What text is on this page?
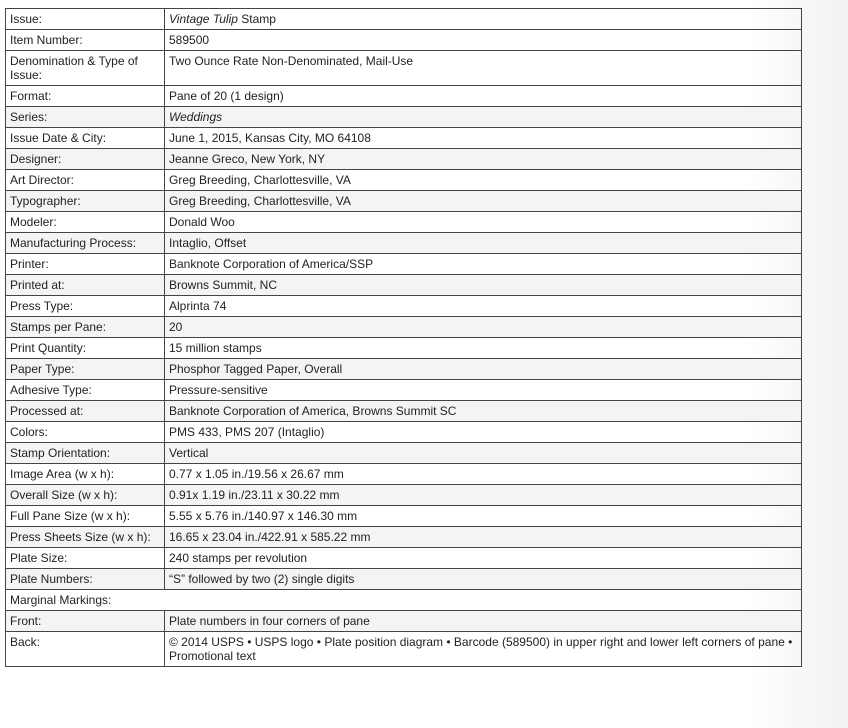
Issue:	Vintage Tulip Stamp
Item Number:	589500
Denomination & Type of Issue:	Two Ounce Rate Non-Denominated, Mail-Use
Format:	Pane of 20 (1 design)
Series:	Weddings
Issue Date & City:	June 1, 2015, Kansas City, MO 64108
Designer:	Jeanne Greco, New York, NY
Art Director:	Greg Breeding, Charlottesville, VA
Typographer:	Greg Breeding, Charlottesville, VA
Modeler:	Donald Woo
Manufacturing Process:	Intaglio, Offset
Printer:	Banknote Corporation of America/SSP
Printed at:	Browns Summit, NC
Press Type:	Alprinta 74
Stamps per Pane:	20
Print Quantity:	15 million stamps
Paper Type:	Phosphor Tagged Paper, Overall
Adhesive Type:	Pressure-sensitive
Processed at:	Banknote Corporation of America, Browns Summit SC
Colors:	PMS 433, PMS 207 (Intaglio)
Stamp Orientation:	Vertical
Image Area (w x h):	0.77 x 1.05 in./19.56 x 26.67 mm
Overall Size (w x h):	0.91x 1.19 in./23.11 x 30.22 mm
Full Pane Size (w x h):	5.55 x 5.76 in./140.97 x 146.30 mm
Press Sheets Size (w x h):	16.65 x 23.04 in./422.91 x 585.22 mm
Plate Size:	240 stamps per revolution
Plate Numbers:	“S” followed by two (2) single digits
Marginal Markings:	
Front:	Plate numbers in four corners of pane
Back:	© 2014 USPS • USPS logo • Plate position diagram • Barcode (589500) in upper right and lower left corners of pane • Promotional text
